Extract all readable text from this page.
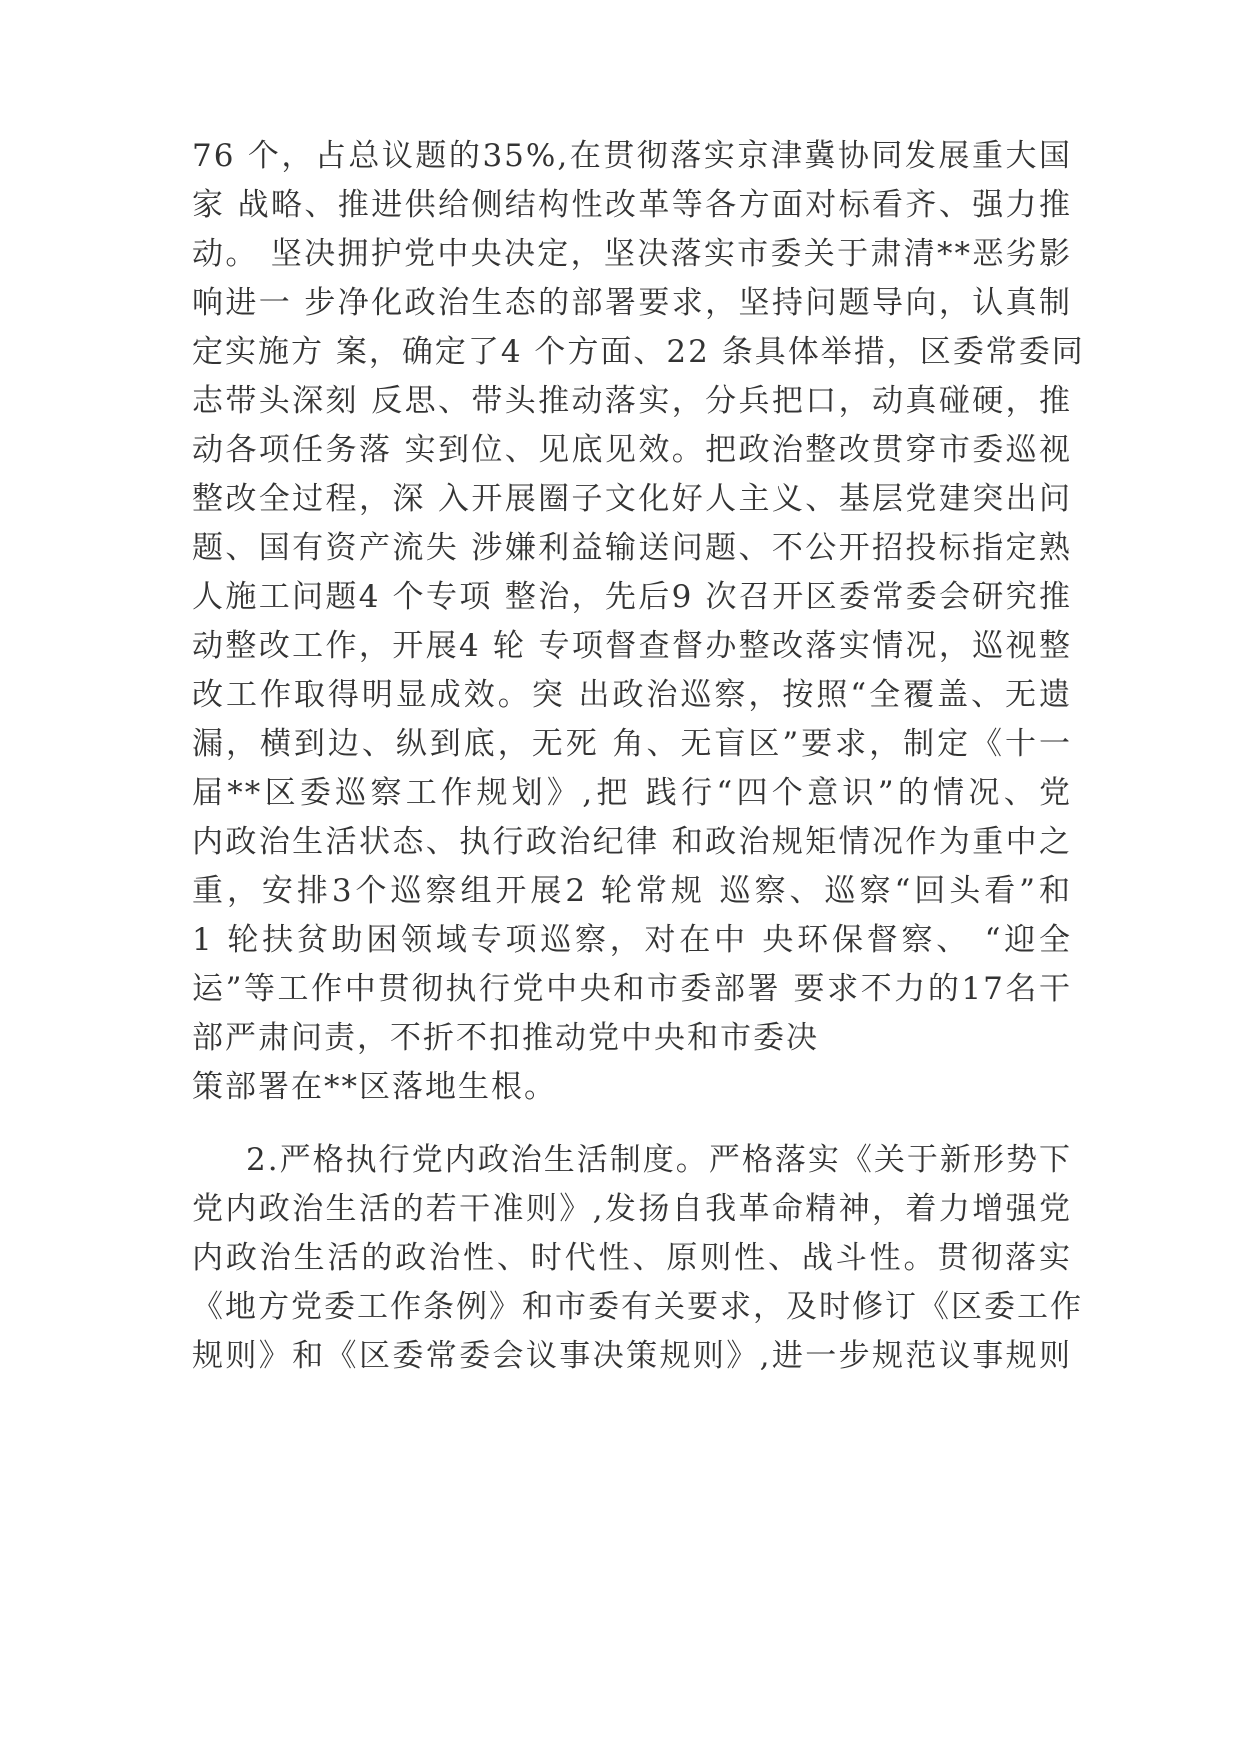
76 个，占总议题的35%,在贯彻落实京津冀协同发展重大国
家 战略、推进供给侧结构性改革等各方面对标看齐、强力推
动。 坚决拥护党中央决定，坚决落实市委关于肃清**恶劣影
响进一 步净化政治生态的部署要求，坚持问题导向，认真制
定实施方 案，确定了4 个方面、22 条具体举措，区委常委同
志带头深刻 反思、带头推动落实，分兵把口，动真碰硬，推
动各项任务落 实到位、见底见效。把政治整改贯穿市委巡视
整改全过程，深 入开展圈子文化好人主义、基层党建突出问
题、国有资产流失 涉嫌利益输送问题、不公开招投标指定熟
人施工问题4 个专项 整治，先后9 次召开区委常委会研究推
动整改工作，开展4 轮 专项督查督办整改落实情况，巡视整
改工作取得明显成效。突 出政治巡察，按照“全覆盖、无遗
漏，横到边、纵到底，无死 角、无盲区”要求，制定《十一
届**区委巡察工作规划》,把 践行“四个意识”的情况、党
内政治生活状态、执行政治纪律 和政治规矩情况作为重中之
重，安排3个巡察组开展2 轮常规 巡察、巡察“回头看”和
1 轮扶贫助困领域专项巡察，对在中 央环保督察、 “迎全
运”等工作中贯彻执行党中央和市委部署 要求不力的17名干
部严肃问责，不折不扣推动党中央和市委决
策部署在**区落地生根。
2.严格执行党内政治生活制度。严格落实《关于新形势下
党内政治生活的若干准则》,发扬自我革命精神，着力增强党
内政治生活的政治性、时代性、原则性、战斗性。贯彻落实
《地方党委工作条例》和市委有关要求，及时修订《区委工作
规则》和《区委常委会议事决策规则》,进一步规范议事规则
